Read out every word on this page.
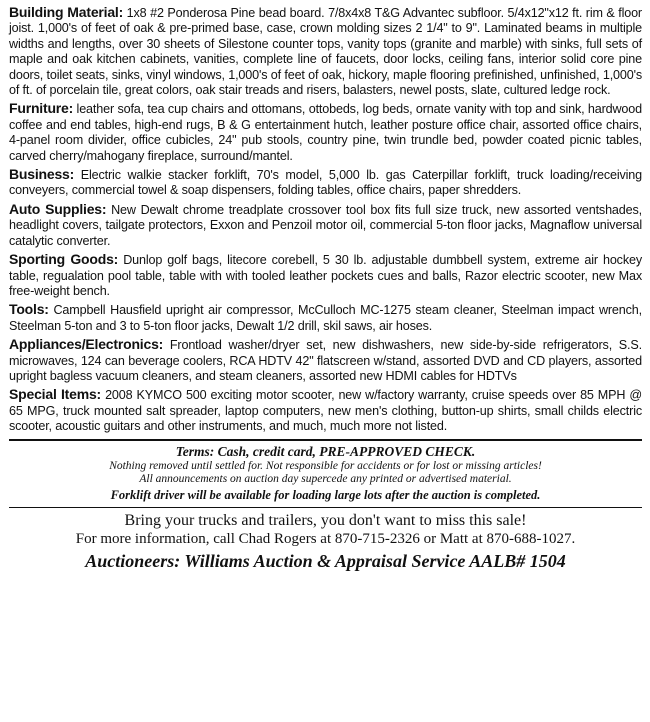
Building Material: 1x8 #2 Ponderosa Pine bead board. 7/8x4x8 T&G Advantec subfloor. 5/4x12"x12 ft. rim & floor joist. 1,000's of feet of oak & pre-primed base, case, crown molding sizes 2 1/4" to 9". Laminated beams in multiple widths and lengths, over 30 sheets of Silestone counter tops, vanity tops (granite and marble) with sinks, full sets of maple and oak kitchen cabinets, vanities, complete line of faucets, door locks, ceiling fans, interior solid core pine doors, toilet seats, sinks, vinyl windows, 1,000's of feet of oak, hickory, maple flooring prefinished, unfinished, 1,000's of ft. of porcelain tile, great colors, oak stair treads and risers, balasters, newel posts, slate, cultured ledge rock.

Furniture: leather sofa, tea cup chairs and ottomans, ottobeds, log beds, ornate vanity with top and sink, hardwood coffee and end tables, high-end rugs, B & G entertainment hutch, leather posture office chair, assorted office chairs, 4-panel room divider, office cubicles, 24" pub stools, country pine, twin trundle bed, powder coated picnic tables, carved cherry/mahogany fireplace, surround/mantel.

Business: Electric walkie stacker forklift, 70's model, 5,000 lb. gas Caterpillar forklift, truck loading/receiving conveyers, commercial towel & soap dispensers, folding tables, office chairs, paper shredders.

Auto Supplies: New Dewalt chrome treadplate crossover tool box fits full size truck, new assorted ventshades, headlight covers, tailgate protectors, Exxon and Penzoil motor oil, commercial 5-ton floor jacks, Magnaflow universal catalytic converter.

Sporting Goods: Dunlop golf bags, litecore corebell, 5 30 lb. adjustable dumbbell system, extreme air hockey table, regualation pool table, table with with tooled leather pockets cues and balls, Razor electric scooter, new Max free-weight bench.

Tools: Campbell Hausfield upright air compressor, McCulloch MC-1275 steam cleaner, Steelman impact wrench, Steelman 5-ton and 3 to 5-ton floor jacks, Dewalt 1/2 drill, skil saws, air hoses.

Appliances/Electronics: Frontload washer/dryer set, new dishwashers, new side-by-side refrigerators, S.S. microwaves, 124 can beverage coolers, RCA HDTV 42" flatscreen w/stand, assorted DVD and CD players, assorted upright bagless vacuum cleaners, and steam cleaners, assorted new HDMI cables for HDTVs

Special Items: 2008 KYMCO 500 exciting motor scooter, new w/factory warranty, cruise speeds over 85 MPH @ 65 MPG, truck mounted salt spreader, laptop computers, new men's clothing, button-up shirts, small childs electric scooter, acoustic guitars and other instruments, and much, much more not listed.

Terms: Cash, credit card, PRE-APPROVED CHECK.
Nothing removed until settled for. Not responsible for accidents or for lost or missing articles!
All announcements on auction day supercede any printed or advertised material.
Forklift driver will be available for loading large lots after the auction is completed.
Bring your trucks and trailers, you don't want to miss this sale!
For more information, call Chad Rogers at 870-715-2326 or Matt at 870-688-1027.
Auctioneers: Williams Auction & Appraisal Service AALB# 1504
